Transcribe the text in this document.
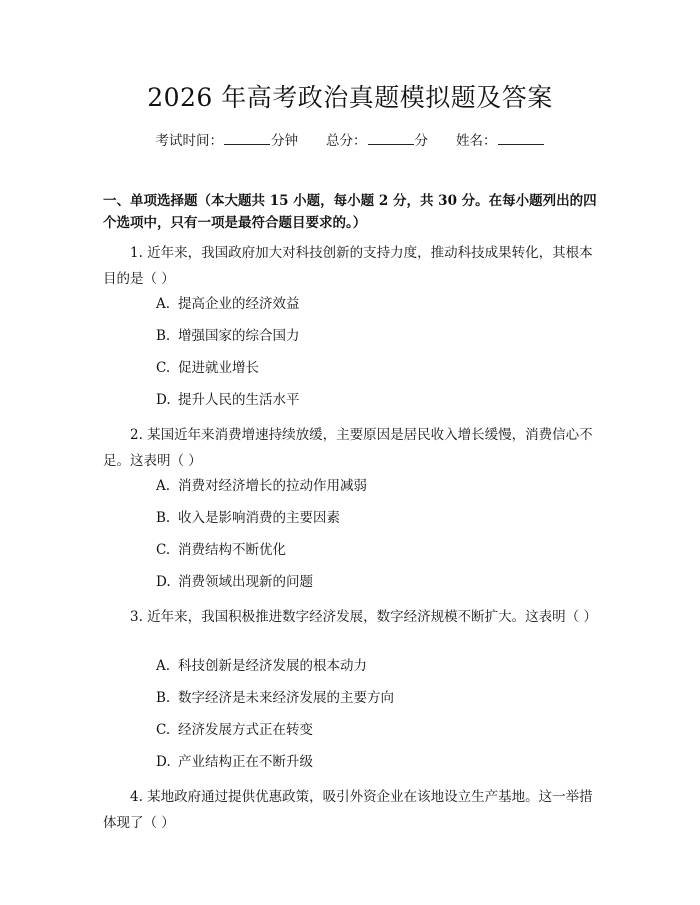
2026 年高考政治真题模拟题及答案
考试时间：	分钟 总分：	分 姓名：
一、单项选择题（本大题共 15 小题，每小题 2 分，共 30 分。在每小题列出的四个选项中，只有一项是最符合题目要求的。）
1. 近年来，我国政府加大对科技创新的支持力度，推动科技成果转化，其根本目的是（ ）
A. 提高企业的经济效益
B. 增强国家的综合国力
C. 促进就业增长
D. 提升人民的生活水平
2. 某国近年来消费增速持续放缓，主要原因是居民收入增长缓慢，消费信心不足。这表明（ ）
A. 消费对经济增长的拉动作用减弱
B. 收入是影响消费的主要因素
C. 消费结构不断优化
D. 消费领域出现新的问题
3. 近年来，我国积极推进数字经济发展，数字经济规模不断扩大。这表明（ ）
A. 科技创新是经济发展的根本动力
B. 数字经济是未来经济发展的主要方向
C. 经济发展方式正在转变
D. 产业结构正在不断升级
4. 某地政府通过提供优惠政策，吸引外资企业在该地设立生产基地。这一举措体现了（ ）
